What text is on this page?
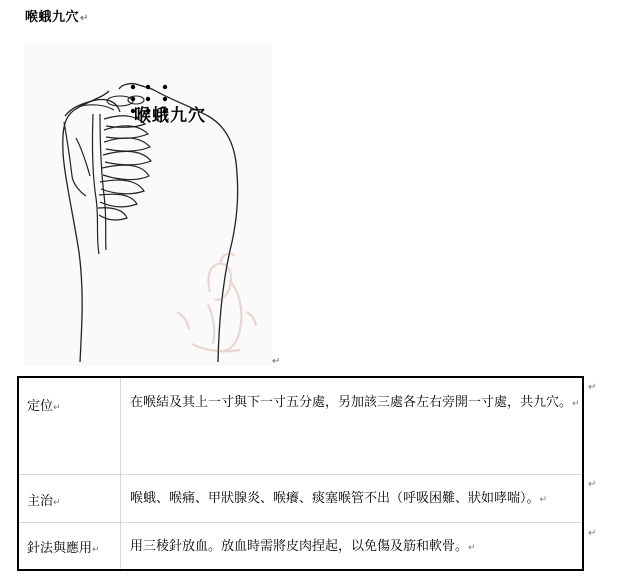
喉蛾九穴↵
喉蛾九穴
↵
定位↵	在喉結及其上一寸與下一寸五分處，另加該三處各左右旁開一寸處，共九穴。↵
主治↵	喉蛾、喉痛、甲狀腺炎、喉癢、痰塞喉管不出（呼吸困難、狀如哮喘）。↵
針法與應用↵ 用三稜針放血。放血時需將皮肉捏起，以免傷及筋和軟骨。↵
↵
↵
↵
